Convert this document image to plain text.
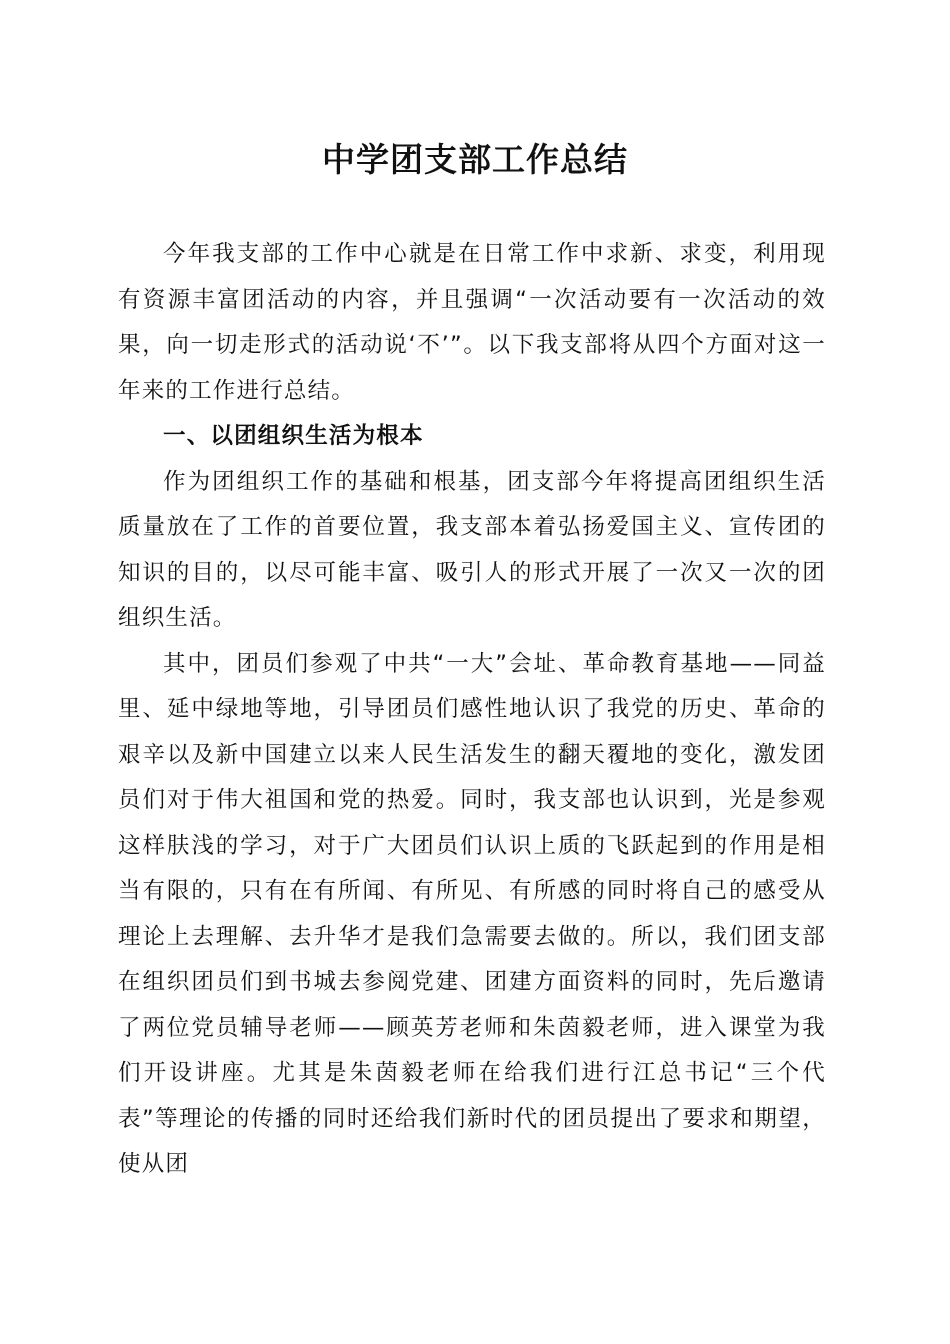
中学团支部工作总结

今年我支部的工作中心就是在日常工作中求新、求变，利用现有资源丰富团活动的内容，并且强调“一次活动要有一次活动的效果，向一切走形式的活动说‘不’”。以下我支部将从四个方面对这一年来的工作进行总结。

一、以团组织生活为根本

作为团组织工作的基础和根基，团支部今年将提高团组织生活质量放在了工作的首要位置，我支部本着弘扬爱国主义、宣传团的知识的目的，以尽可能丰富、吸引人的形式开展了一次又一次的团组织生活。

其中，团员们参观了中共“一大”会址、革命教育基地——同益里、延中绿地等地，引导团员们感性地认识了我党的历史、革命的艰辛以及新中国建立以来人民生活发生的翻天覆地的变化，激发团员们对于伟大祖国和党的热爱。同时，我支部也认识到，光是参观这样肤浅的学习，对于广大团员们认识上质的飞跃起到的作用是相当有限的，只有在有所闻、有所见、有所感的同时将自己的感受从理论上去理解、去升华才是我们急需要去做的。所以，我们团支部在组织团员们到书城去参阅党建、团建方面资料的同时，先后邀请了两位党员辅导老师——顾英芳老师和朱茵毅老师，进入课堂为我们开设讲座。尤其是朱茵毅老师在给我们进行江总书记“三个代表”等理论的传播的同时还给我们新时代的团员提出了要求和期望，使从团
